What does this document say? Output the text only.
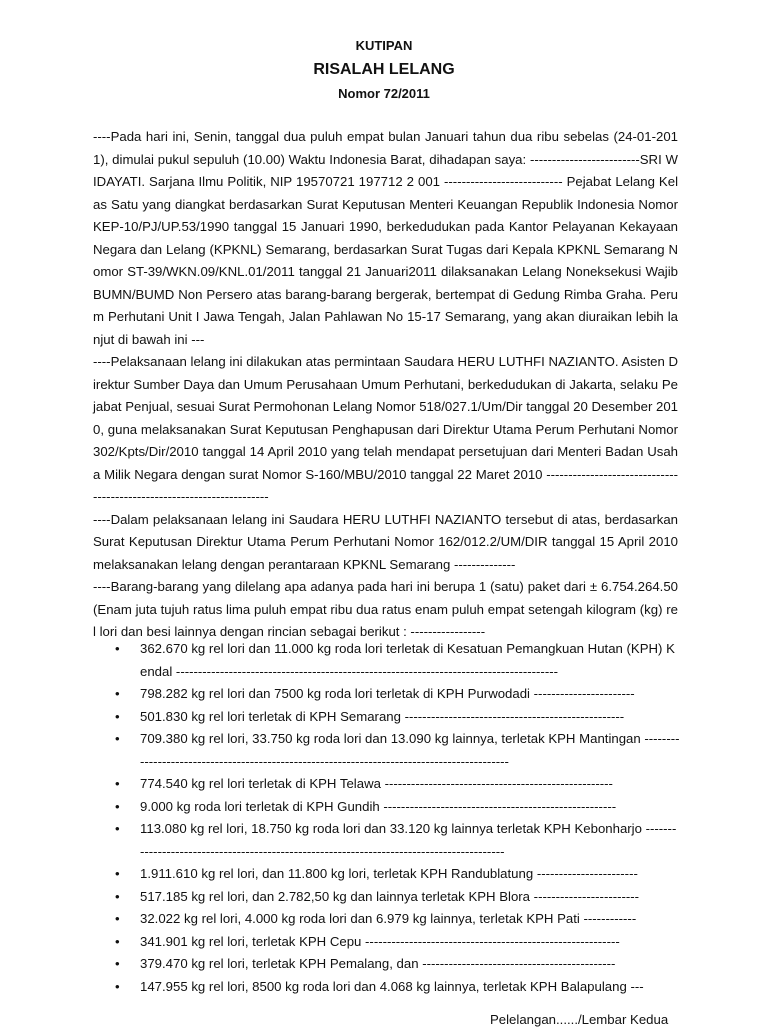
KUTIPAN
RISALAH LELANG
Nomor 72/2011

----Pada hari ini, Senin, tanggal dua puluh empat bulan Januari tahun dua ribu sebelas (24-01-2011), dimulai pukul sepuluh (10.00) Waktu Indonesia Barat, dihadapan saya: -------------------------SRI WIDAYATI. Sarjana Ilmu Politik, NIP 19570721 197712 2 001 --------------------------- Pejabat Lelang Kelas Satu yang diangkat berdasarkan Surat Keputusan Menteri Keuangan Republik Indonesia Nomor KEP-10/PJ/UP.53/1990 tanggal 15 Januari 1990, berkedudukan pada Kantor Pelayanan Kekayaan Negara dan Lelang (KPKNL) Semarang, berdasarkan Surat Tugas dari Kepala KPKNL Semarang Nomor ST-39/WKN.09/KNL.01/2011 tanggal 21 Januari2011 dilaksanakan Lelang Noneksekusi Wajib BUMN/BUMD Non Persero atas barang-barang bergerak, bertempat di Gedung Rimba Graha. Perum Perhutani Unit I Jawa Tengah, Jalan Pahlawan No 15-17 Semarang, yang akan diuraikan lebih lanjut di bawah ini ---

----Pelaksanaan lelang ini dilakukan atas permintaan Saudara HERU LUTHFI NAZIANTO. Asisten Direktur Sumber Daya dan Umum Perusahaan Umum Perhutani, berkedudukan di Jakarta, selaku Pejabat Penjual, sesuai Surat Permohonan Lelang Nomor 518/027.1/Um/Dir tanggal 20 Desember 2010, guna melaksanakan Surat Keputusan Penghapusan dari Direktur Utama Perum Perhutani Nomor 302/Kpts/Dir/2010 tanggal 14 April 2010 yang telah mendapat persetujuan dari Menteri Badan Usaha Milik Negara dengan surat Nomor S-160/MBU/2010 tanggal 22 Maret 2010 ----------------------------------------------------------------------

----Dalam pelaksanaan lelang ini Saudara HERU LUTHFI NAZIANTO tersebut di atas, berdasarkan Surat Keputusan Direktur Utama Perum Perhutani Nomor 162/012.2/UM/DIR tanggal 15 April 2010 melaksanakan lelang dengan perantaraan KPKNL Semarang --------------

----Barang-barang yang dilelang apa adanya pada hari ini berupa 1 (satu) paket dari ± 6.754.264.50 (Enam juta tujuh ratus lima puluh empat ribu dua ratus enam puluh empat setengah kilogram (kg) rel lori dan besi lainnya dengan rincian sebagai berikut : -----------------

•	362.670 kg rel lori dan 11.000 kg roda lori terletak di Kesatuan Pemangkuan Hutan (KPH) Kendal ---------------------------------------------------------------------------------------
•	798.282 kg rel lori dan 7500 kg roda lori terletak di KPH Purwodadi -----------------------
•	501.830 kg rel lori terletak di KPH Semarang --------------------------------------------------
•	709.380 kg rel lori, 33.750 kg roda lori dan 13.090 kg lainnya, terletak KPH Mantingan --------------------------------------------------------------------------------------------
•	774.540 kg rel lori terletak di KPH Telawa ----------------------------------------------------
•	9.000 kg roda lori terletak di KPH Gundih -----------------------------------------------------
•	113.080 kg rel lori, 18.750 kg roda lori dan 33.120 kg lainnya terletak KPH Kebonharjo ------------------------------------------------------------------------------------------
•	1.911.610 kg rel lori, dan 11.800 kg lori, terletak KPH Randublatung -----------------------
•	517.185 kg rel lori, dan 2.782,50 kg dan lainnya terletak KPH Blora ------------------------
•	32.022 kg rel lori, 4.000 kg roda lori dan 6.979 kg lainnya, terletak KPH Pati ------------
•	341.901 kg rel lori, terletak KPH Cepu ----------------------------------------------------------
•	379.470 kg rel lori, terletak KPH Pemalang, dan --------------------------------------------
•	147.955 kg rel lori, 8500 kg roda lori dan 4.068 kg lainnya, terletak KPH Balapulang ---
Pelelangan....../Lembar Kedua
